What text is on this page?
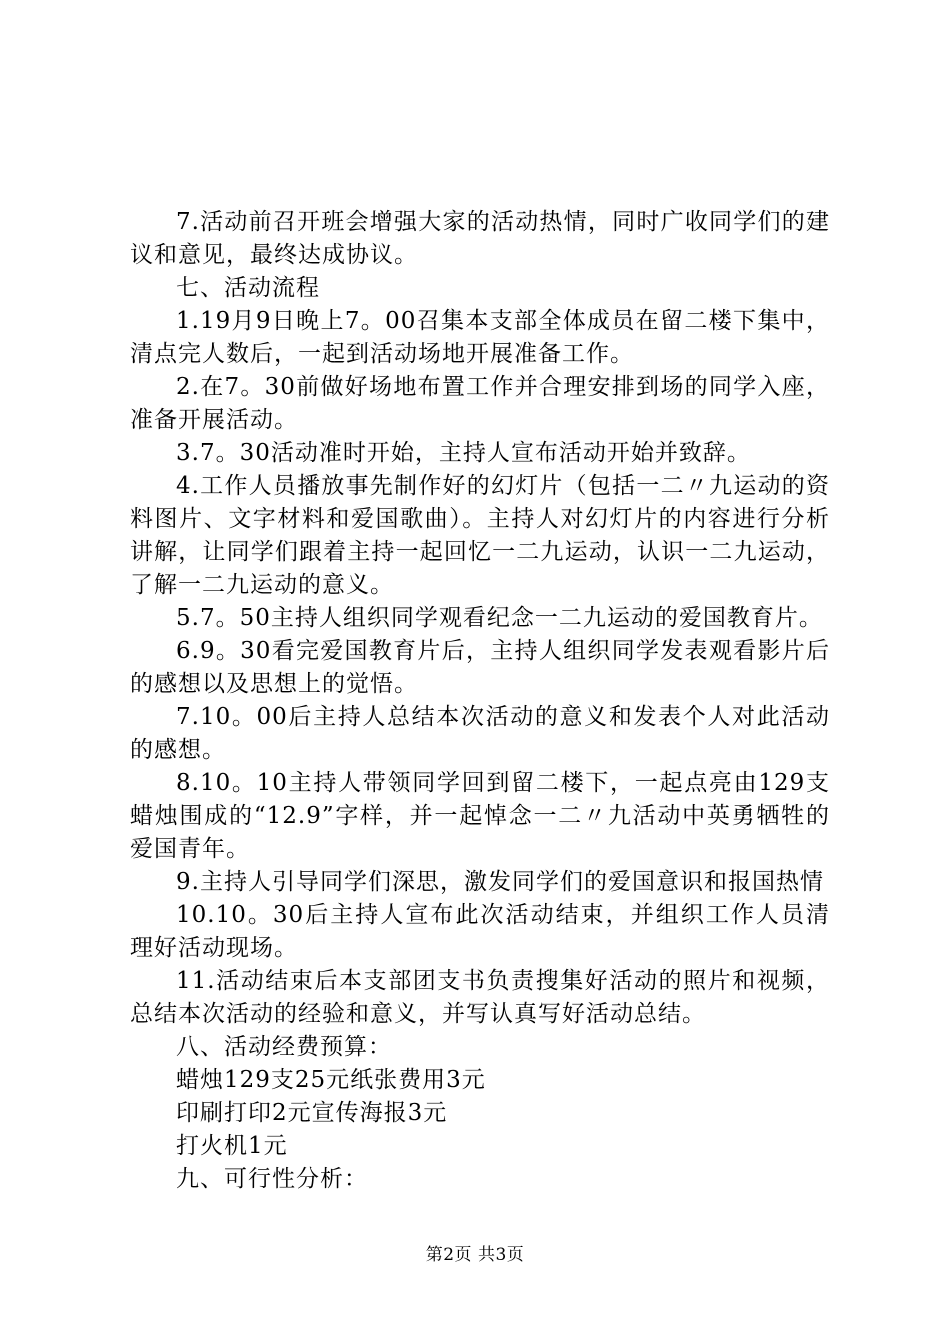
7.活动前召开班会增强大家的活动热情，同时广收同学们的建议和意见，最终达成协议。

七、活动流程

1.19月9日晚上7。00召集本支部全体成员在留二楼下集中，清点完人数后，一起到活动场地开展准备工作。

2.在7。30前做好场地布置工作并合理安排到场的同学入座，准备开展活动。

3.7。30活动准时开始，主持人宣布活动开始并致辞。

4.工作人员播放事先制作好的幻灯片（包括一二〃九运动的资料图片、文字材料和爱国歌曲）。主持人对幻灯片的内容进行分析讲解，让同学们跟着主持一起回忆一二九运动，认识一二九运动，了解一二九运动的意义。

5.7。50主持人组织同学观看纪念一二九运动的爱国教育片。

6.9。30看完爱国教育片后，主持人组织同学发表观看影片后的感想以及思想上的觉悟。

7.10。00后主持人总结本次活动的意义和发表个人对此活动的感想。

8.10。10主持人带领同学回到留二楼下，一起点亮由129支蜡烛围成的“12.9”字样，并一起悼念一二〃九活动中英勇牺牲的爱国青年。

9.主持人引导同学们深思，激发同学们的爱国意识和报国热情

10.10。30后主持人宣布此次活动结束，并组织工作人员清理好活动现场。

11.活动结束后本支部团支书负责搜集好活动的照片和视频，总结本次活动的经验和意义，并写认真写好活动总结。

八、活动经费预算：

蜡烛129支25元纸张费用3元

印刷打印2元宣传海报3元

打火机1元

九、可行性分析：

第2页 共3页
